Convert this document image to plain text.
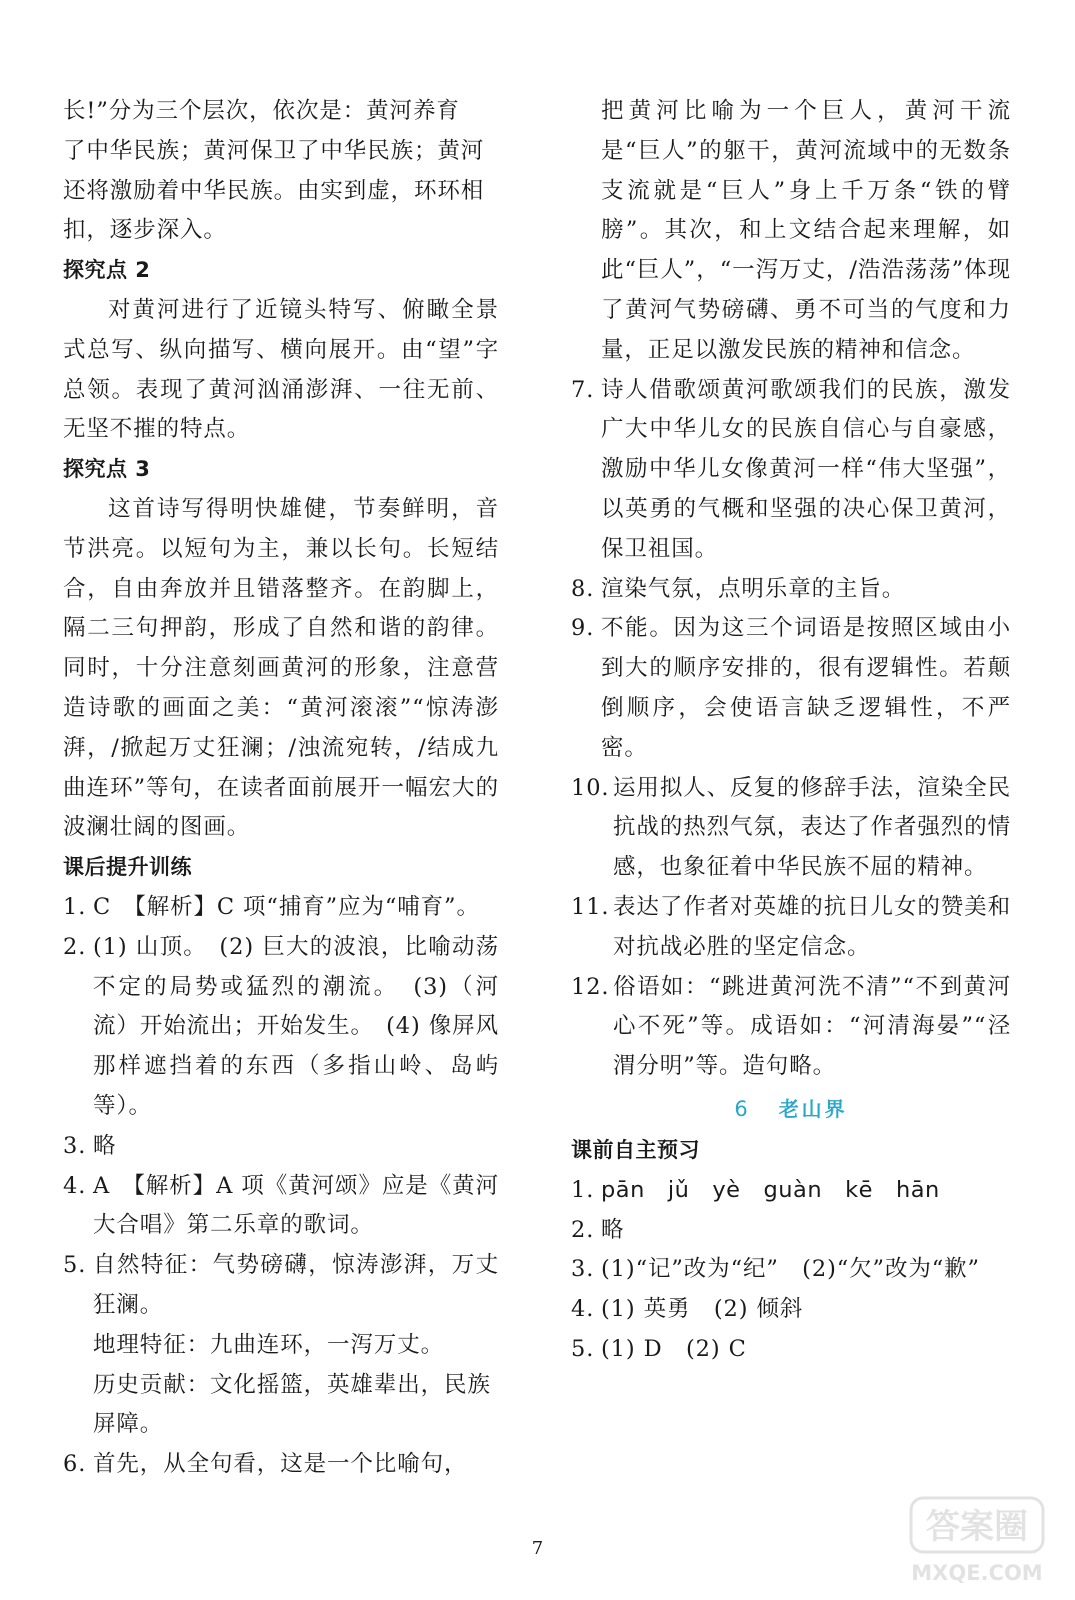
长!”分为三个层次，依次是：黄河养育
了中华民族；黄河保卫了中华民族；黄河
还将激励着中华民族。由实到虚，环环相
扣，逐步深入。
探究点 2

对黄河进行了近镜头特写、俯瞰全景式总写、纵向描写、横向展开。由“望”字总领。表现了黄河汹涌澎湃、一往无前、无坚不摧的特点。

探究点 3

这首诗写得明快雄健，节奏鲜明，音节洪亮。以短句为主，兼以长句。长短结合，自由奔放并且错落整齐。在韵脚上，隔二三句押韵，形成了自然和谐的韵律。同时，十分注意刻画黄河的形象，注意营造诗歌的画面之美：“黄河滚滚”“惊涛澎湃，/掀起万丈狂澜；/浊流宛转，/结成九曲连环”等句，在读者面前展开一幅宏大的波澜壮阔的图画。

课后提升训练
1. C　【解析】C 项“捕育”应为“哺育”。
2. (1) 山顶。　(2) 巨大的波浪，比喻动荡不定的局势或猛烈的潮流。　(3)（河流）开始流出；开始发生。　(4) 像屏风那样遮挡着的东西（多指山岭、岛屿等）。
3. 略
4. A　【解析】A 项《黄河颂》应是《黄河大合唱》第二乐章的歌词。
5. 自然特征：气势磅礴，惊涛澎湃，万丈狂澜。
地理特征：九曲连环，一泻万丈。
历史贡献：文化摇篮，英雄辈出，民族屏障。
6. 首先，从全句看，这是一个比喻句，
把黄河比喻为一个巨人，黄河干流是“巨人”的躯干，黄河流域中的无数条支流就是“巨人”身上千万条“铁的臂膀”。其次，和上文结合起来理解，如此“巨人”，“一泻万丈，/浩浩荡荡”体现了黄河气势磅礴、勇不可当的气度和力量，正足以激发民族的精神和信念。
7. 诗人借歌颂黄河歌颂我们的民族，激发广大中华儿女的民族自信心与自豪感，激励中华儿女像黄河一样“伟大坚强”，以英勇的气概和坚强的决心保卫黄河，保卫祖国。
8. 渲染气氛，点明乐章的主旨。
9. 不能。因为这三个词语是按照区域由小到大的顺序安排的，很有逻辑性。若颠倒顺序，会使语言缺乏逻辑性，不严密。
10. 运用拟人、反复的修辞手法，渲染全民抗战的热烈气氛，表达了作者强烈的情感，也象征着中华民族不屈的精神。
11. 表达了作者对英雄的抗日儿女的赞美和对抗战必胜的坚定信念。
12. 俗语如：“跳进黄河洗不清”“不到黄河心不死”等。成语如：“河清海晏”“泾渭分明”等。造句略。
6 老山界
课前自主预习
1. pān　jǔ　yè　guàn　kē　hān
2. 略
3. (1)“记”改为“纪”　(2)“欠”改为“歉”
4. (1) 英勇　(2) 倾斜
5. (1) D　(2) C
7
答案圈
MXQE.COM
